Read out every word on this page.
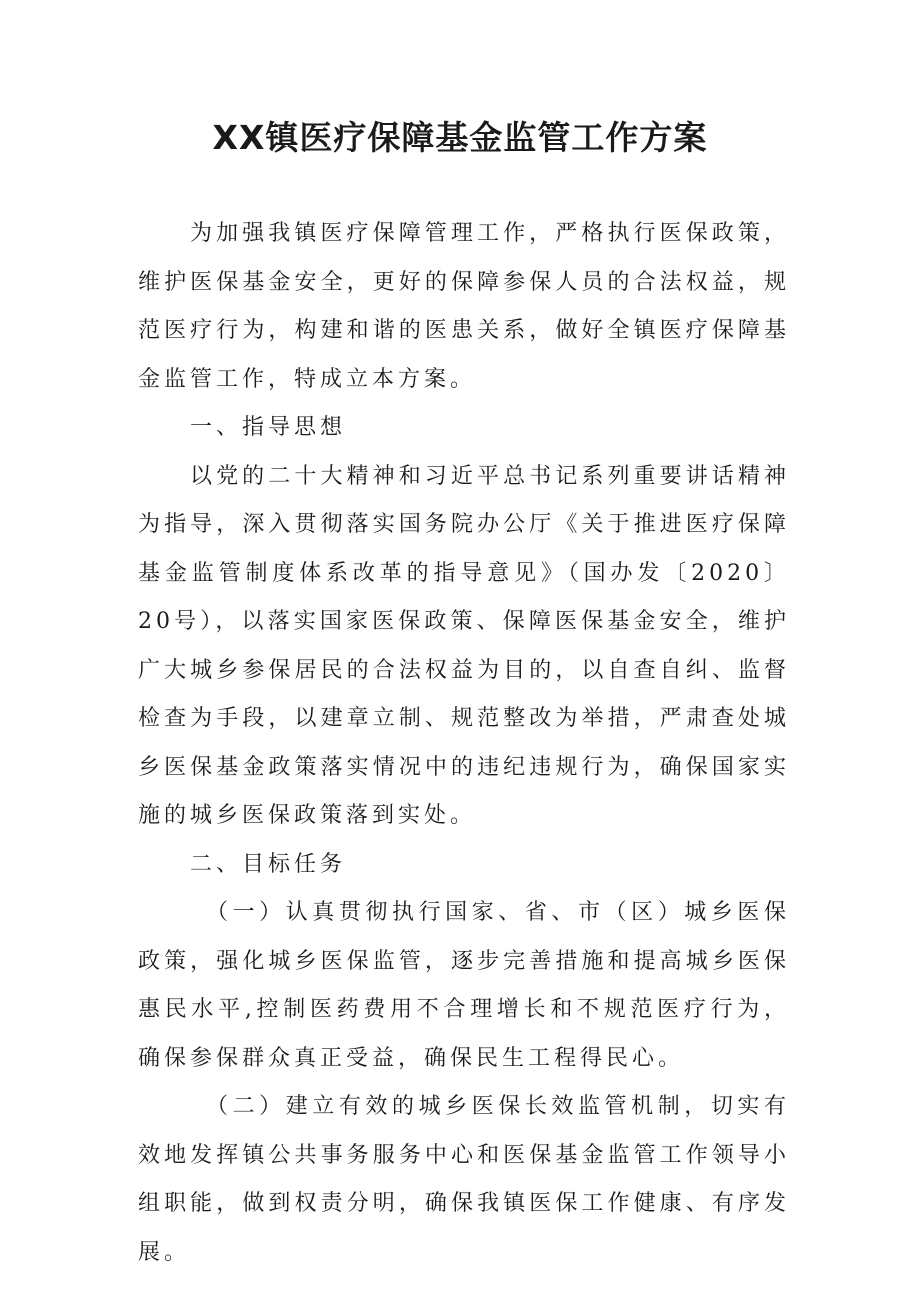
XX镇医疗保障基金监管工作方案

为加强我镇医疗保障管理工作，严格执行医保政策，维护医保基金安全，更好的保障参保人员的合法权益，规范医疗行为，构建和谐的医患关系，做好全镇医疗保障基金监管工作，特成立本方案。

一、指导思想

以党的二十大精神和习近平总书记系列重要讲话精神为指导，深入贯彻落实国务院办公厅《关于推进医疗保障基金监管制度体系改革的指导意见》（国办发〔2020〕20号），以落实国家医保政策、保障医保基金安全，维护广大城乡参保居民的合法权益为目的，以自查自纠、监督检查为手段，以建章立制、规范整改为举措，严肃查处城乡医保基金政策落实情况中的违纪违规行为，确保国家实施的城乡医保政策落到实处。

二、目标任务

（一）认真贯彻执行国家、省、市（区）城乡医保政策，强化城乡医保监管，逐步完善措施和提高城乡医保惠民水平,控制医药费用不合理增长和不规范医疗行为，确保参保群众真正受益，确保民生工程得民心。

（二）建立有效的城乡医保长效监管机制，切实有效地发挥镇公共事务服务中心和医保基金监管工作领导小组职能，做到权责分明，确保我镇医保工作健康、有序发展。
